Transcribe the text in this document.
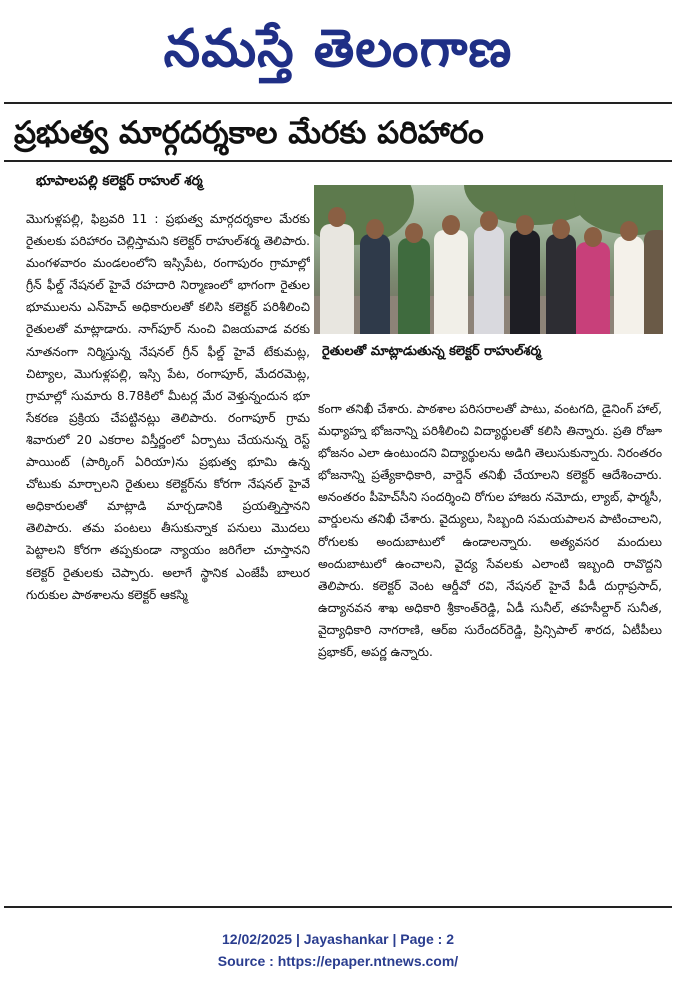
నమస్తే తెలంగాణ
ప్రభుత్వ మార్గదర్శకాల మేరకు పరిహారం
భూపాలపల్లి కలెక్టర్ రాహుల్ శర్మ
రైతులతో మాట్లాడుతున్న కలెక్టర్ రాహుల్‌శర్మ

మొగుళ్లపల్లి, ఫిబ్రవరి 11 : ప్రభుత్వ మార్గదర్శకాల మేరకు రైతులకు పరిహారం చెల్లిస్తామని కలెక్టర్ రాహుల్‌శర్మ తెలిపారు. మంగళవారం మండలంలోని ఇస్సిపేట, రంగాపురం గ్రామాల్లో గ్రీన్ ఫీల్డ్ నేషనల్ హైవే రహదారి నిర్మాణంలో భాగంగా రైతుల భూములను ఎన్‌హెచ్ అధికారులతో కలిసి కలెక్టర్ పరిశీలించి రైతులతో మాట్లాడారు. నాగ్‌పూర్ నుంచి విజయవాడ వరకు నూతనంగా నిర్మిస్తున్న నేషనల్ గ్రీన్ ఫీల్డ్ హైవే టేకుమట్ల, చిట్యాల, మొగుళ్లపల్లి, ఇస్సి పేట, రంగాపూర్, మేదరమెట్ల, గ్రామాల్లో సుమారు 8.78కిలో మీటర్ల మేర వెళ్తున్నందున భూ సేకరణ ప్రక్రియ చేపట్టినట్లు తెలిపారు. రంగాపూర్ గ్రామ శివారులో 20 ఎకరాల విస్తీర్ణంలో ఏర్పాటు చేయనున్న రెస్ట్ పాయింట్ (పార్కింగ్ ఏరియా)ను ప్రభుత్వ భూమి ఉన్న చోటుకు మార్చాలని రైతులు కలెక్టర్‌ను కోరగా నేషనల్ హైవే అధికారులతో మాట్లాడి మార్చడానికి ప్రయత్నిస్తానని తెలిపారు. తమ పంటలు తీసుకున్నాక పనులు మొదలు పెట్టాలని కోరగా తప్పకుండా న్యాయం జరిగేలా చూస్తానని కలెక్టర్ రైతులకు చెప్పారు. అలాగే స్థానిక ఎంజేపీ బాలుర గురుకుల పాఠశాలను కలెక్టర్ ఆకస్మి

కంగా తనిఖీ చేశారు. పాఠశాల పరిసరాలతో పాటు, వంటగది, డైనింగ్ హాల్, మధ్యాహ్న భోజనాన్ని పరిశీలించి విద్యార్థులతో కలిసి తిన్నారు. ప్రతి రోజూ భోజనం ఎలా ఉంటుందని విద్యార్థులను అడిగి తెలుసుకున్నారు. నిరంతరం భోజనాన్ని ప్రత్యేకాధికారి, వార్డెన్ తనిఖీ చేయాలని కలెక్టర్ ఆదేశించారు. అనంతరం పీహెచ్‌సీని సందర్శించి రోగుల హాజరు నమోదు, ల్యాబ్, ఫార్మసీ, వార్డులను తనిఖీ చేశారు. వైద్యులు, సిబ్బంది సమయపాలన పాటించాలని, రోగులకు అందుబాటులో ఉండాలన్నారు. అత్యవసర మందులు అందుబాటులో ఉంచాలని, వైద్య సేవలకు ఎలాంటి ఇబ్బంది రావొద్దని తెలిపారు. కలెక్టర్ వెంట ఆర్డీవో రవి, నేషనల్ హైవే పీడీ దుర్గాప్రసాద్, ఉద్యానవన శాఖ అధికారి శ్రీకాంత్‌రెడ్డి, ఏడీ సునీల్, తహసీల్దార్ సునీత, వైద్యాధికారి నాగరాణి, ఆర్ఐ సురేందర్‌రెడ్డి, ప్రిన్సిపాల్ శారద, ఏటీపీలు ప్రభాకర్, అపర్ణ ఉన్నారు.

12/02/2025 | Jayashankar | Page : 2
Source : https://epaper.ntnews.com/
